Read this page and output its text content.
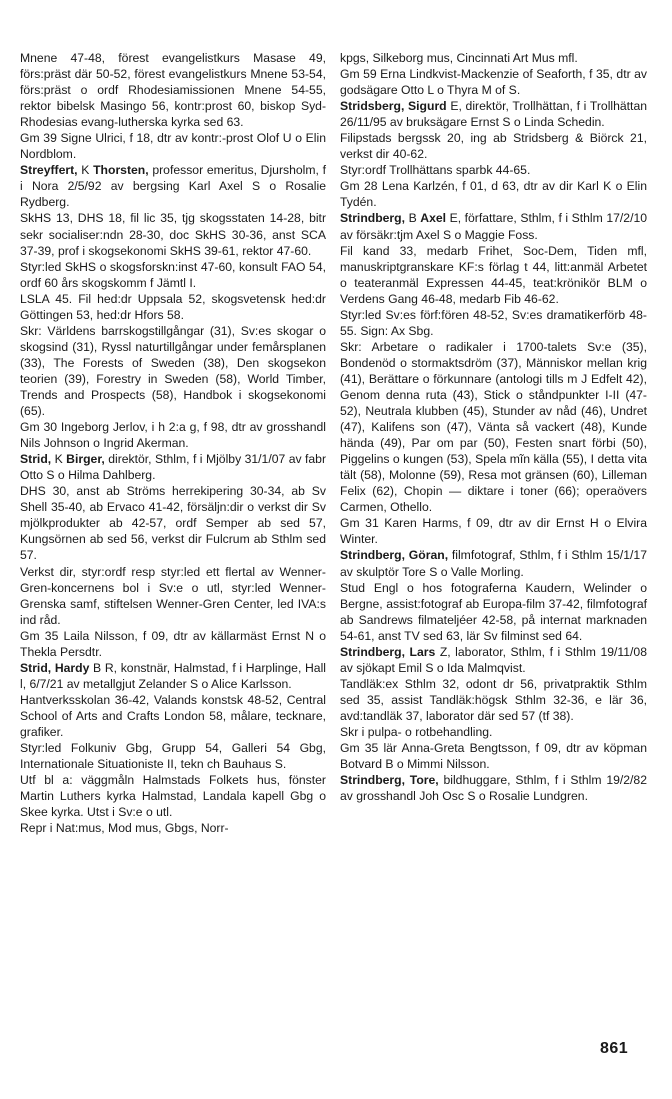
Mnene 47-48, förest evangelistkurs Masase 49, förs:präst där 50-52, förest evangelistkurs Mnene 53-54, förs:präst o ordf Rhodesiamissionen Mnene 54-55, rektor bibelsk Masingo 56, kontr:prost 60, biskop Syd-Rhodesias evang-lutherska kyrka sed 63.

Gm 39 Signe Ulrici, f 18, dtr av kontr:-prost Olof U o Elin Nordblom.

Streyffert, K Thorsten, professor emeritus, Djursholm, f i Nora 2/5/92 av bergsing Karl Axel S o Rosalie Rydberg.

SkHS 13, DHS 18, fil lic 35, tjg skogsstaten 14-28, bitr sekr socialiser:ndn 28-30, doc SkHS 30-36, anst SCA 37-39, prof i skogsekonomi SkHS 39-61, rektor 47-60.

Styr:led SkHS o skogsforskn:inst 47-60, konsult FAO 54, ordf 60 års skogskomm f Jämtl I.

LSLA 45. Fil hed:dr Uppsala 52, skogsvetensk hed:dr Göttingen 53, hed:dr Hfors 58.

Skr: Världens barrskogstillgångar (31), Sv:es skogar o skogsind (31), Ryssl naturtillgångar under femårsplanen (33), The Forests of Sweden (38), Den skogsekon teorien (39), Forestry in Sweden (58), World Timber, Trends and Prospects (58), Handbok i skogsekonomi (65).

Gm 30 Ingeborg Jerlov, i h 2:a g, f 98, dtr av grosshandl Nils Johnson o Ingrid Akerman.

Strid, K Birger, direktör, Sthlm, f i Mjölby 31/1/07 av fabr Otto S o Hilma Dahlberg.

DHS 30, anst ab Ströms herrekipering 30-34, ab Sv Shell 35-40, ab Ervaco 41-42, försäljn:dir o verkst dir Sv mjölkprodukter ab 42-57, ordf Semper ab sed 57, Kungsörnen ab sed 56, verkst dir Fulcrum ab Sthlm sed 57.

Verkst dir, styr:ordf resp styr:led ett flertal av Wenner-Gren-koncernens bol i Sv:e o utl, styr:led Wenner-Grenska samf, stiftelsen Wenner-Gren Center, led IVA:s ind råd.

Gm 35 Laila Nilsson, f 09, dtr av källarmäst Ernst N o Thekla Persdtr.

Strid, Hardy B R, konstnär, Halmstad, f i Harplinge, Hall l, 6/7/21 av metallgjut Zelander S o Alice Karlsson.

Hantverksskolan 36-42, Valands konstsk 48-52, Central School of Arts and Crafts London 58, målare, tecknare, grafiker.

Styr:led Folkuniv Gbg, Grupp 54, Galleri 54 Gbg, Internationale Situationiste II, tekn ch Bauhaus S.

Utf bl a: väggmåln Halmstads Folkets hus, fönster Martin Luthers kyrka Halmstad, Landala kapell Gbg o Skee kyrka. Utst i Sv:e o utl.

Repr i Nat:mus, Mod mus, Gbgs, Norr-

kpgs, Silkeborg mus, Cincinnati Art Mus mfl.

Gm 59 Erna Lindkvist-Mackenzie of Seaforth, f 35, dtr av godsägare Otto L o Thyra M of S.

Stridsberg, Sigurd E, direktör, Trollhättan, f i Trollhättan 26/11/95 av bruksägare Ernst S o Linda Schedin.

Filipstads bergssk 20, ing ab Stridsberg & Biörck 21, verkst dir 40-62.

Styr:ordf Trollhättans sparbk 44-65.

Gm 28 Lena Karlzén, f 01, d 63, dtr av dir Karl K o Elin Tydén.

Strindberg, B Axel E, författare, Sthlm, f i Sthlm 17/2/10 av försäkr:tjm Axel S o Maggie Foss.

Fil kand 33, medarb Frihet, Soc-Dem, Tiden mfl, manuskriptgranskare KF:s förlag t 44, litt:anmäl Arbetet o teateranmäl Expressen 44-45, teat:krönikör BLM o Verdens Gang 46-48, medarb Fib 46-62.

Styr:led Sv:es förf:fören 48-52, Sv:es dramatikerförb 48-55. Sign: Ax Sbg.

Skr: Arbetare o radikaler i 1700-talets Sv:e (35), Bondenöd o stormaktsdröm (37), Människor mellan krig (41), Berättare o förkunnare (antologi tills m J Edfelt 42), Genom denna ruta (43), Stick o ståndpunkter I-II (47-52), Neutrala klubben (45), Stunder av nåd (46), Undret (47), Kalifens son (47), Vänta så vackert (48), Kunde hända (49), Par om par (50), Festen snart förbi (50), Piggelins o kungen (53), Spela mĩn källa (55), I detta vita tält (58), Molonne (59), Resa mot gränsen (60), Lilleman Felix (62), Chopin — diktare i toner (66); operaövers Carmen, Othello.

Gm 31 Karen Harms, f 09, dtr av dir Ernst H o Elvira Winter.

Strindberg, Göran, filmfotograf, Sthlm, f i Sthlm 15/1/17 av skulptör Tore S o Valle Morling.

Stud Engl o hos fotograferna Kaudern, Welinder o Bergne, assist:fotograf ab Europa-film 37-42, filmfotograf ab Sandrews filmateljéer 42-58, på internat marknaden 54-61, anst TV sed 63, lär Sv filminst sed 64.

Strindberg, Lars Z, laborator, Sthlm, f i Sthlm 19/11/08 av sjökapt Emil S o Ida Malmqvist.

Tandläk:ex Sthlm 32, odont dr 56, privatpraktik Sthlm sed 35, assist Tandläk:högsk Sthlm 32-36, e lär 36, avd:tandläk 37, laborator där sed 57 (tf 38).

Skr i pulpa- o rotbehandling.

Gm 35 lär Anna-Greta Bengtsson, f 09, dtr av köpman Botvard B o Mimmi Nilsson.

Strindberg, Tore, bildhuggare, Sthlm, f i Sthlm 19/2/82 av grosshandl Joh Osc S o Rosalie Lundgren.

861
